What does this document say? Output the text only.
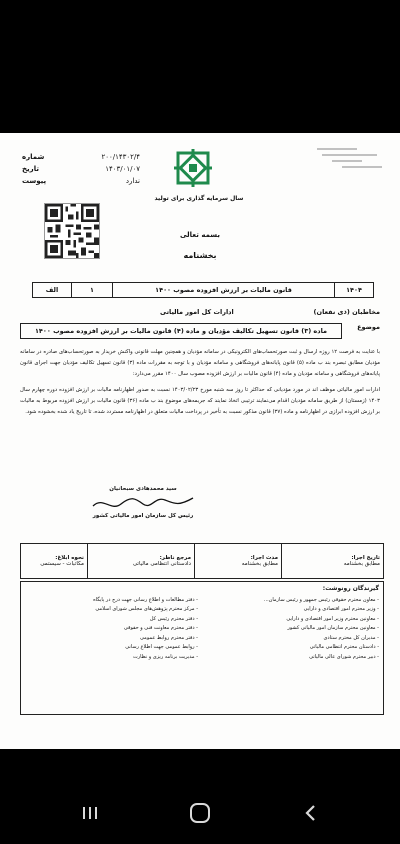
۲۰۰/۱۴۳۰۲/۴
شماره
۱۴۰۳/۰۱/۰۷
تاریخ
ندارد
پیوست
سال سرمایه گذاری برای تولید
بسمه تعالی
بخشنامه
۱۴۰۴
قانون مالیات بر ارزش افزوده مصوب ۱۴۰۰
۱
الف
مخاطبان (ذی نفعان)
ادارات کل امور مالیاتی
موضوع
ماده (۳) قانون تسهیل تکالیف مؤدیان و ماده (۴) قانون مالیات بر ارزش افزوده مصوب ۱۴۰۰

با عنایت به فرصت ۱۲ روزه ارسال و ثبت صورتحساب‌های الکترونیکی در سامانه مؤدیان و همچنین مهلت قانونی واکنش خریدار به صورتحساب‌های صادره در سامانه مؤدیان مطابق تبصره بند ب ماده (۵) قانون پایانه‌های فروشگاهی و سامانه مؤدیان و با توجه به مقررات ماده (۳) قانون تسهیل تکالیف مؤدیان جهت اجرای قانون پایانه‌های فروشگاهی و سامانه مؤدیان و ماده (۴) قانون مالیات بر ارزش افزوده مصوب سال ۱۴۰۰ مقرر می‌دارد:

ادارات امور مالیاتی موظف اند در مورد مؤدیانی که حداکثر تا روز سه شنبه مورخ ۱۴۰۳/۰۲/۲۳ نسبت به صدور اظهارنامه مالیات بر ارزش افزوده دوره چهارم سال ۱۴۰۳ (زمستان) از طریق سامانه مؤدیان اقدام می‌نمایند ترتیبی اتخاذ نمایند که جریمه‌های موضوع بند ب ماده (۳۶) قانون مالیات بر ارزش افزوده مربوط به مالیات بر ارزش افزوده ابرازی در اظهارنامه و ماده (۳۷) قانون مذکور نسبت به تأخیر در پرداخت مالیات متعلق در اظهارنامه مستردد شده، تا تاریخ یاد شده بخشوده شود.

سید محمدهادی سبحانیان
رئیس کل سازمان امور مالیاتی کشور
تاریخ اجرا:
مطابق بخشنامه
مدت اجرا:
مطابق بخشنامه
مرجع ناظر:
دادستانی انتظامی مالیاتی
نحوه ابلاغ:
مکاتبات - سیستمی
گیرندگان رونوشت:
- معاون محترم حقوقی رئیس جمهور و رئیس سازمان...
- وزیر محترم امور اقتصادی و دارایی
- معاونین محترم وزیر امور اقتصادی و دارایی
- معاونین محترم سازمان امور مالیاتی کشور
- مدیران کل محترم ستادی
- دادستان محترم انتظامی مالیاتی
- دبیر محترم شورای عالی مالیاتی
- دفتر مطالعات و اطلاع رسانی جهت درج در پایگاه
- مرکز محترم پژوهش‌های مجلس شورای اسلامی
- دفتر محترم رئیس کل
- دفتر محترم معاونت فنی و حقوقی
- دفتر محترم روابط عمومی
- روابط عمومی جهت اطلاع رسانی
- مدیریت برنامه ریزی و نظارت
